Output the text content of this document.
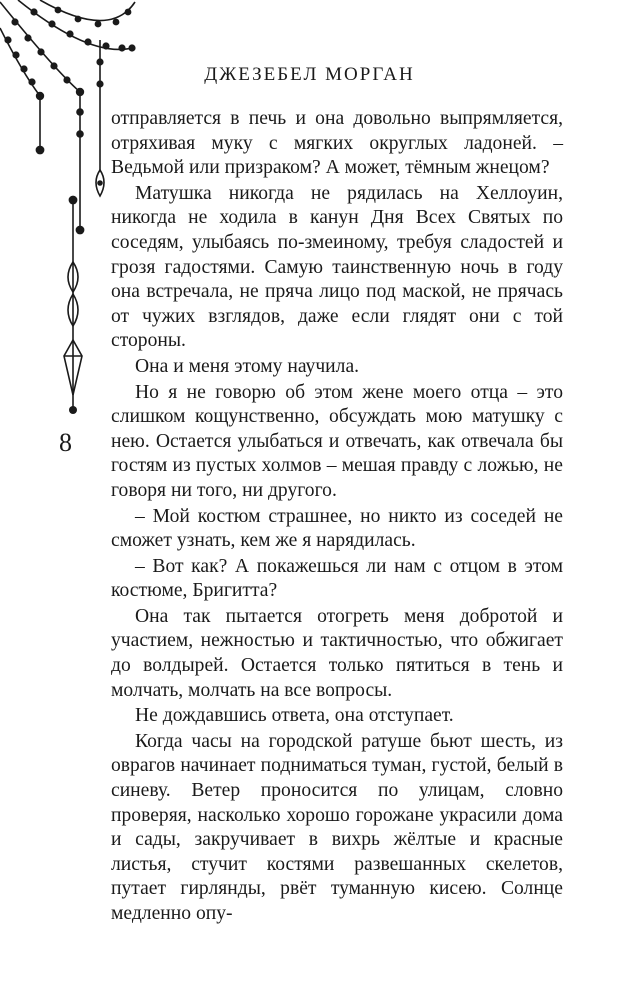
ДЖЕЗЕБЕЛ МОРГАН
8

отправляется в печь и она довольно выпрямляется, отряхивая муку с мягких округлых ладоней. – Ведьмой или призраком? А может, тёмным жнецом?

Матушка никогда не рядилась на Хеллоуин, никогда не ходила в канун Дня Всех Святых по соседям, улыбаясь по-змеиному, требуя сладостей и грозя гадостями. Самую таинственную ночь в году она встречала, не пряча лицо под маской, не прячась от чужих взглядов, даже если глядят они с той стороны.

Она и меня этому научила.

Но я не говорю об этом жене моего отца – это слишком кощунственно, обсуждать мою матушку с нею. Остается улыбаться и отвечать, как отвечала бы гостям из пустых холмов – мешая правду с ложью, не говоря ни того, ни другого.

– Мой костюм страшнее, но никто из соседей не сможет узнать, кем же я нарядилась.

– Вот как? А покажешься ли нам с отцом в этом костюме, Бригитта?

Она так пытается отогреть меня добротой и участием, нежностью и тактичностью, что обжигает до волдырей. Остается только пятиться в тень и молчать, молчать на все вопросы.

Не дождавшись ответа, она отступает.

Когда часы на городской ратуше бьют шесть, из оврагов начинает подниматься туман, густой, белый в синеву. Ветер проносится по улицам, словно проверяя, насколько хорошо горожане украсили дома и сады, закручивает в вихрь жёлтые и красные листья, стучит костями развешанных скелетов, путает гирлянды, рвёт туманную кисею. Солнце медленно опу-
